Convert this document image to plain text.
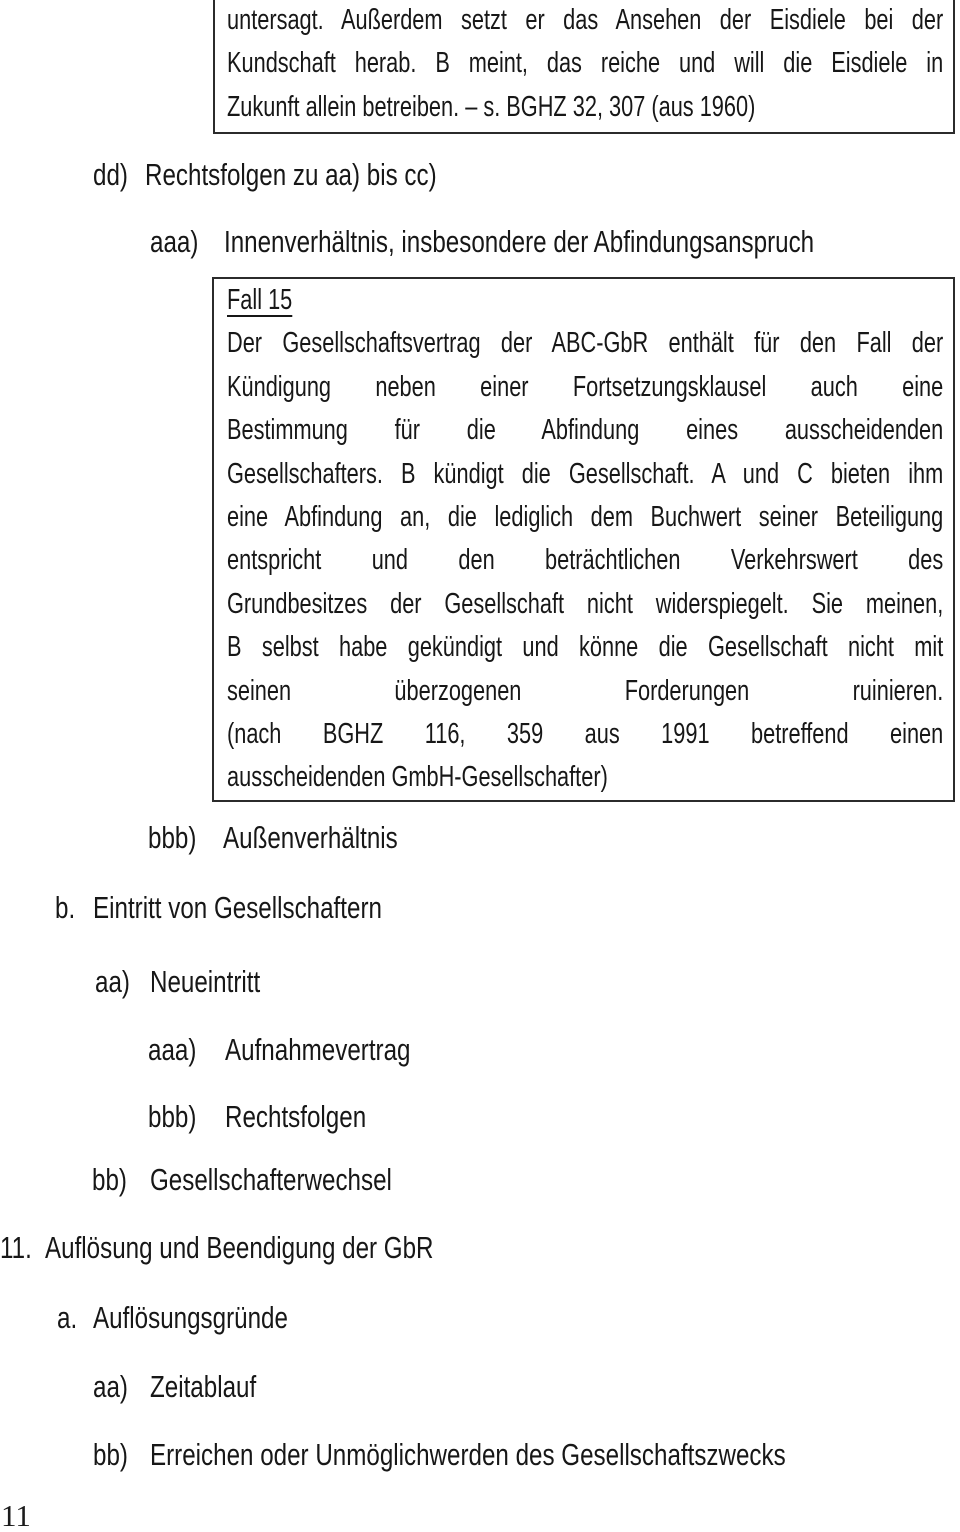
untersagt. Außerdem setzt er das Ansehen der Eisdiele bei der
Kundschaft herab. B meint, das reiche und will die Eisdiele in
Zukunft allein betreiben. – s. BGHZ 32, 307 (aus 1960)
dd) Rechtsfolgen zu aa) bis cc)
aaa) Innenverhältnis, insbesondere der Abfindungsanspruch
Fall 15
Der Gesellschaftsvertrag der ABC-GbR enthält für den Fall der
Kündigung neben einer Fortsetzungsklausel auch eine
Bestimmung für die Abfindung eines ausscheidenden
Gesellschafters. B kündigt die Gesellschaft. A und C bieten ihm
eine Abfindung an, die lediglich dem Buchwert seiner Beteiligung
entspricht und den beträchtlichen Verkehrswert des
Grundbesitzes der Gesellschaft nicht widerspiegelt. Sie meinen,
B selbst habe gekündigt und könne die Gesellschaft nicht mit
seinen überzogenen Forderungen ruinieren.
(nach BGHZ 116, 359 aus 1991 betreffend einen
ausscheidenden GmbH-Gesellschafter)
bbb) Außenverhältnis
b. Eintritt von Gesellschaftern
aa) Neueintritt
aaa) Aufnahmevertrag
bbb) Rechtsfolgen
bb) Gesellschafterwechsel
11. Auflösung und Beendigung der GbR
a. Auflösungsgründe
aa) Zeitablauf
bb) Erreichen oder Unmöglichwerden des Gesellschaftszwecks
11
